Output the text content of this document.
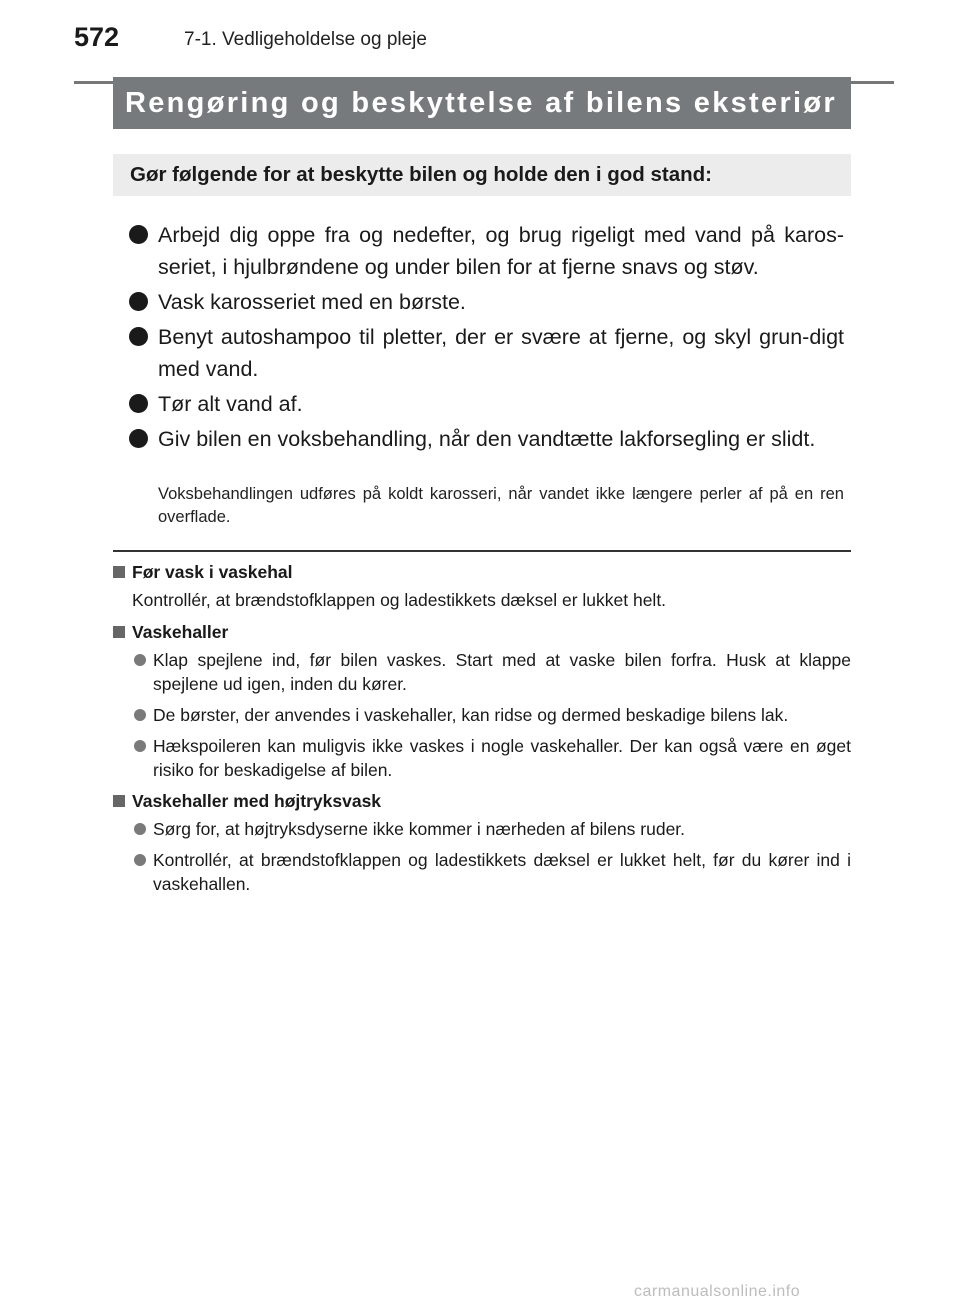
572	7-1. Vedligeholdelse og pleje
Rengøring og beskyttelse af bilens eksteriør
Gør følgende for at beskytte bilen og holde den i god stand:
Arbejd dig oppe fra og nedefter, og brug rigeligt med vand på karos-seriet, i hjulbrøndene og under bilen for at fjerne snavs og støv.
Vask karosseriet med en børste.
Benyt autoshampoo til pletter, der er svære at fjerne, og skyl grun-digt med vand.
Tør alt vand af.
Giv bilen en voksbehandling, når den vandtætte lakforsegling er slidt.
Voksbehandlingen udføres på koldt karosseri, når vandet ikke længere perler af på en ren overflade.
Før vask i vaskehal
Kontrollér, at brændstofklappen og ladestikkets dæksel er lukket helt.
Vaskehaller
Klap spejlene ind, før bilen vaskes. Start med at vaske bilen forfra. Husk at klappe spejlene ud igen, inden du kører.
De børster, der anvendes i vaskehaller, kan ridse og dermed beskadige bilens lak.
Hækspoileren kan muligvis ikke vaskes i nogle vaskehaller. Der kan også være en øget risiko for beskadigelse af bilen.
Vaskehaller med højtryksvask
Sørg for, at højtryksdyserne ikke kommer i nærheden af bilens ruder.
Kontrollér, at brændstofklappen og ladestikkets dæksel er lukket helt, før du kører ind i vaskehallen.
carmanualsonline.info
